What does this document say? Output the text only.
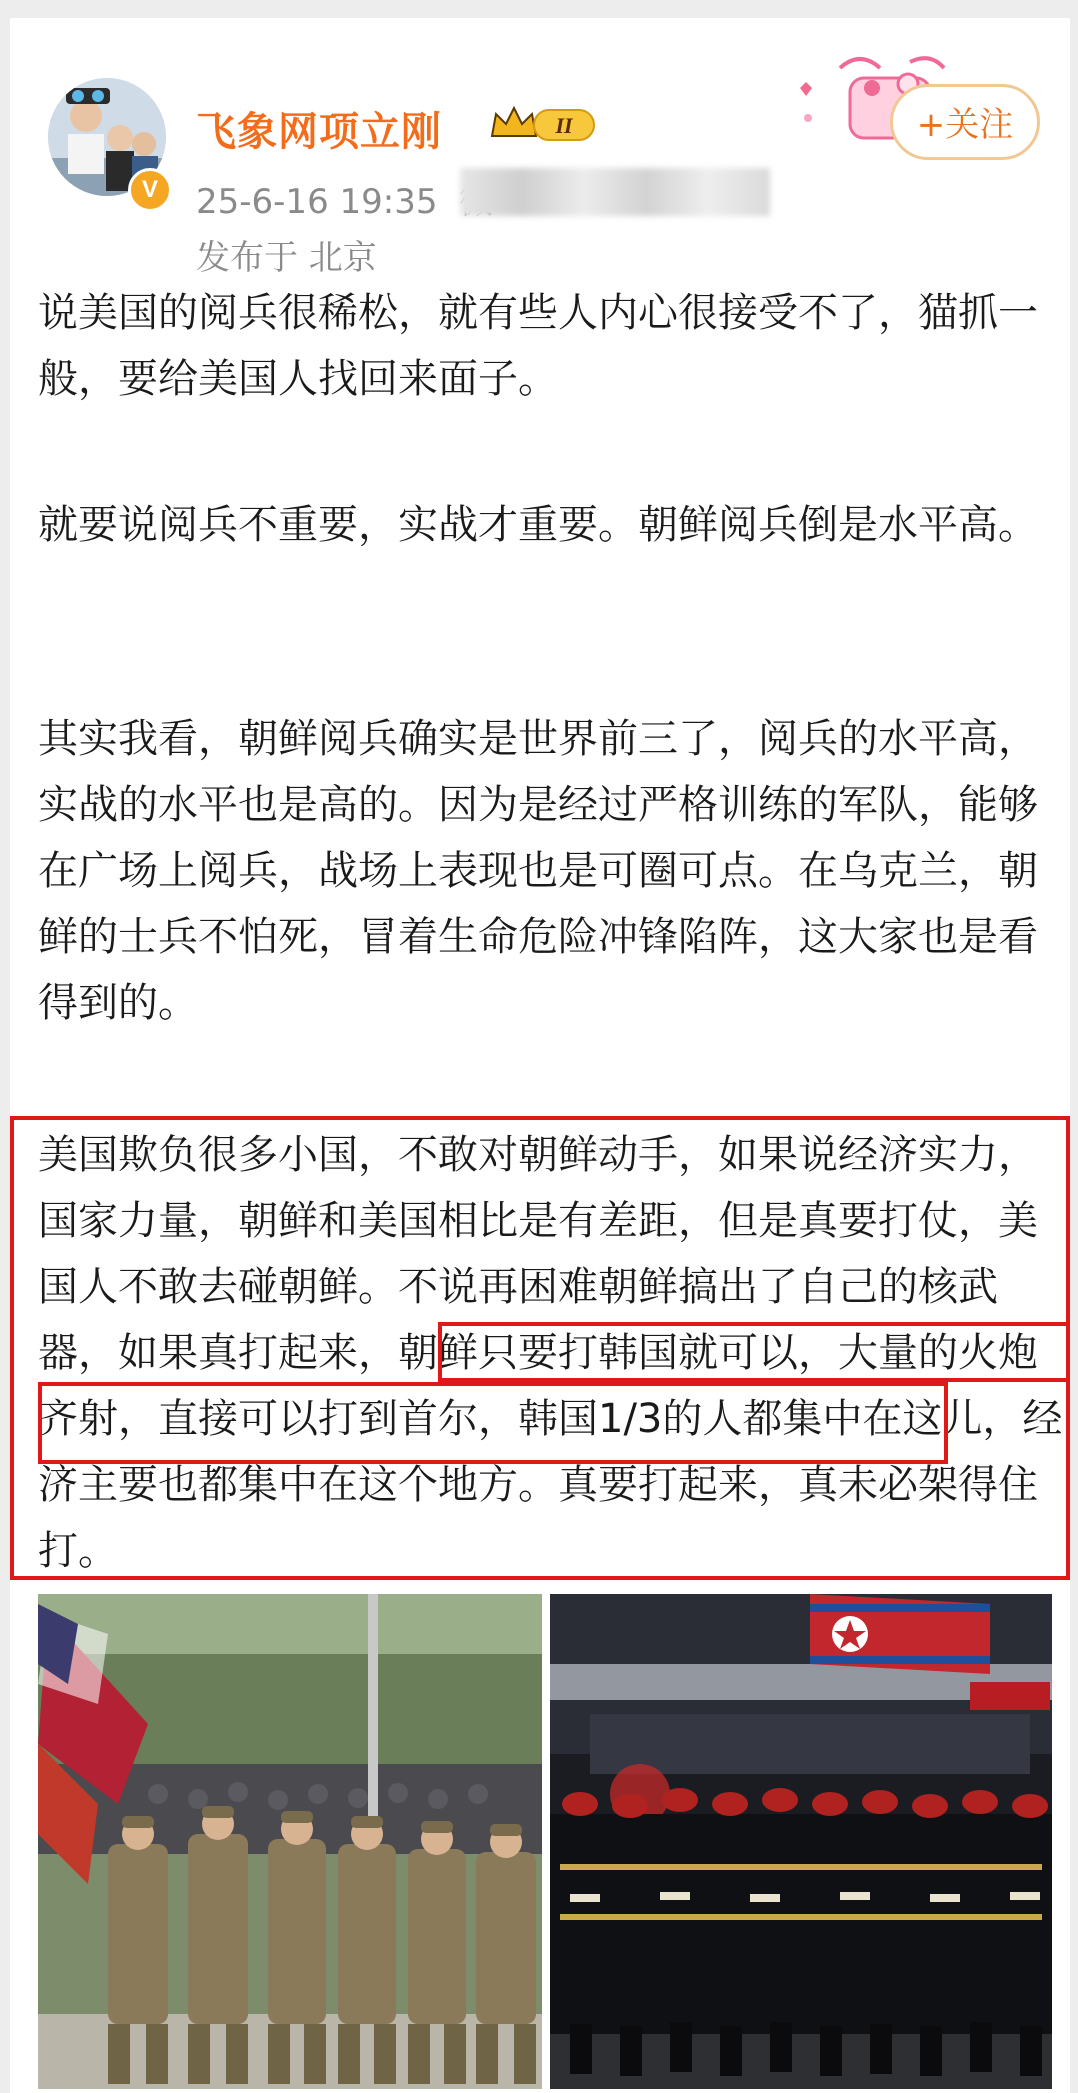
V
飞象网项立刚	II
25-6-16 19:35
发布于 北京
+关注

说美国的阅兵很稀松，就有些人内心很接受不了，猫抓一般，要给美国人找回来面子。

就要说阅兵不重要，实战才重要。朝鲜阅兵倒是水平高。

其实我看，朝鲜阅兵确实是世界前三了，阅兵的水平高，实战的水平也是高的。因为是经过严格训练的军队，能够在广场上阅兵，战场上表现也是可圈可点。在乌克兰，朝鲜的士兵不怕死，冒着生命危险冲锋陷阵，这大家也是看得到的。

美国欺负很多小国，不敢对朝鲜动手，如果说经济实力，国家力量，朝鲜和美国相比是有差距，但是真要打仗，美国人不敢去碰朝鲜。不说再困难朝鲜搞出了自己的核武器，如果真打起来，朝鲜只要打韩国就可以，大量的火炮齐射，直接可以打到首尔，韩国1/3的人都集中在这儿，经济主要也都集中在这个地方。真要打起来，真未必架得住打。
